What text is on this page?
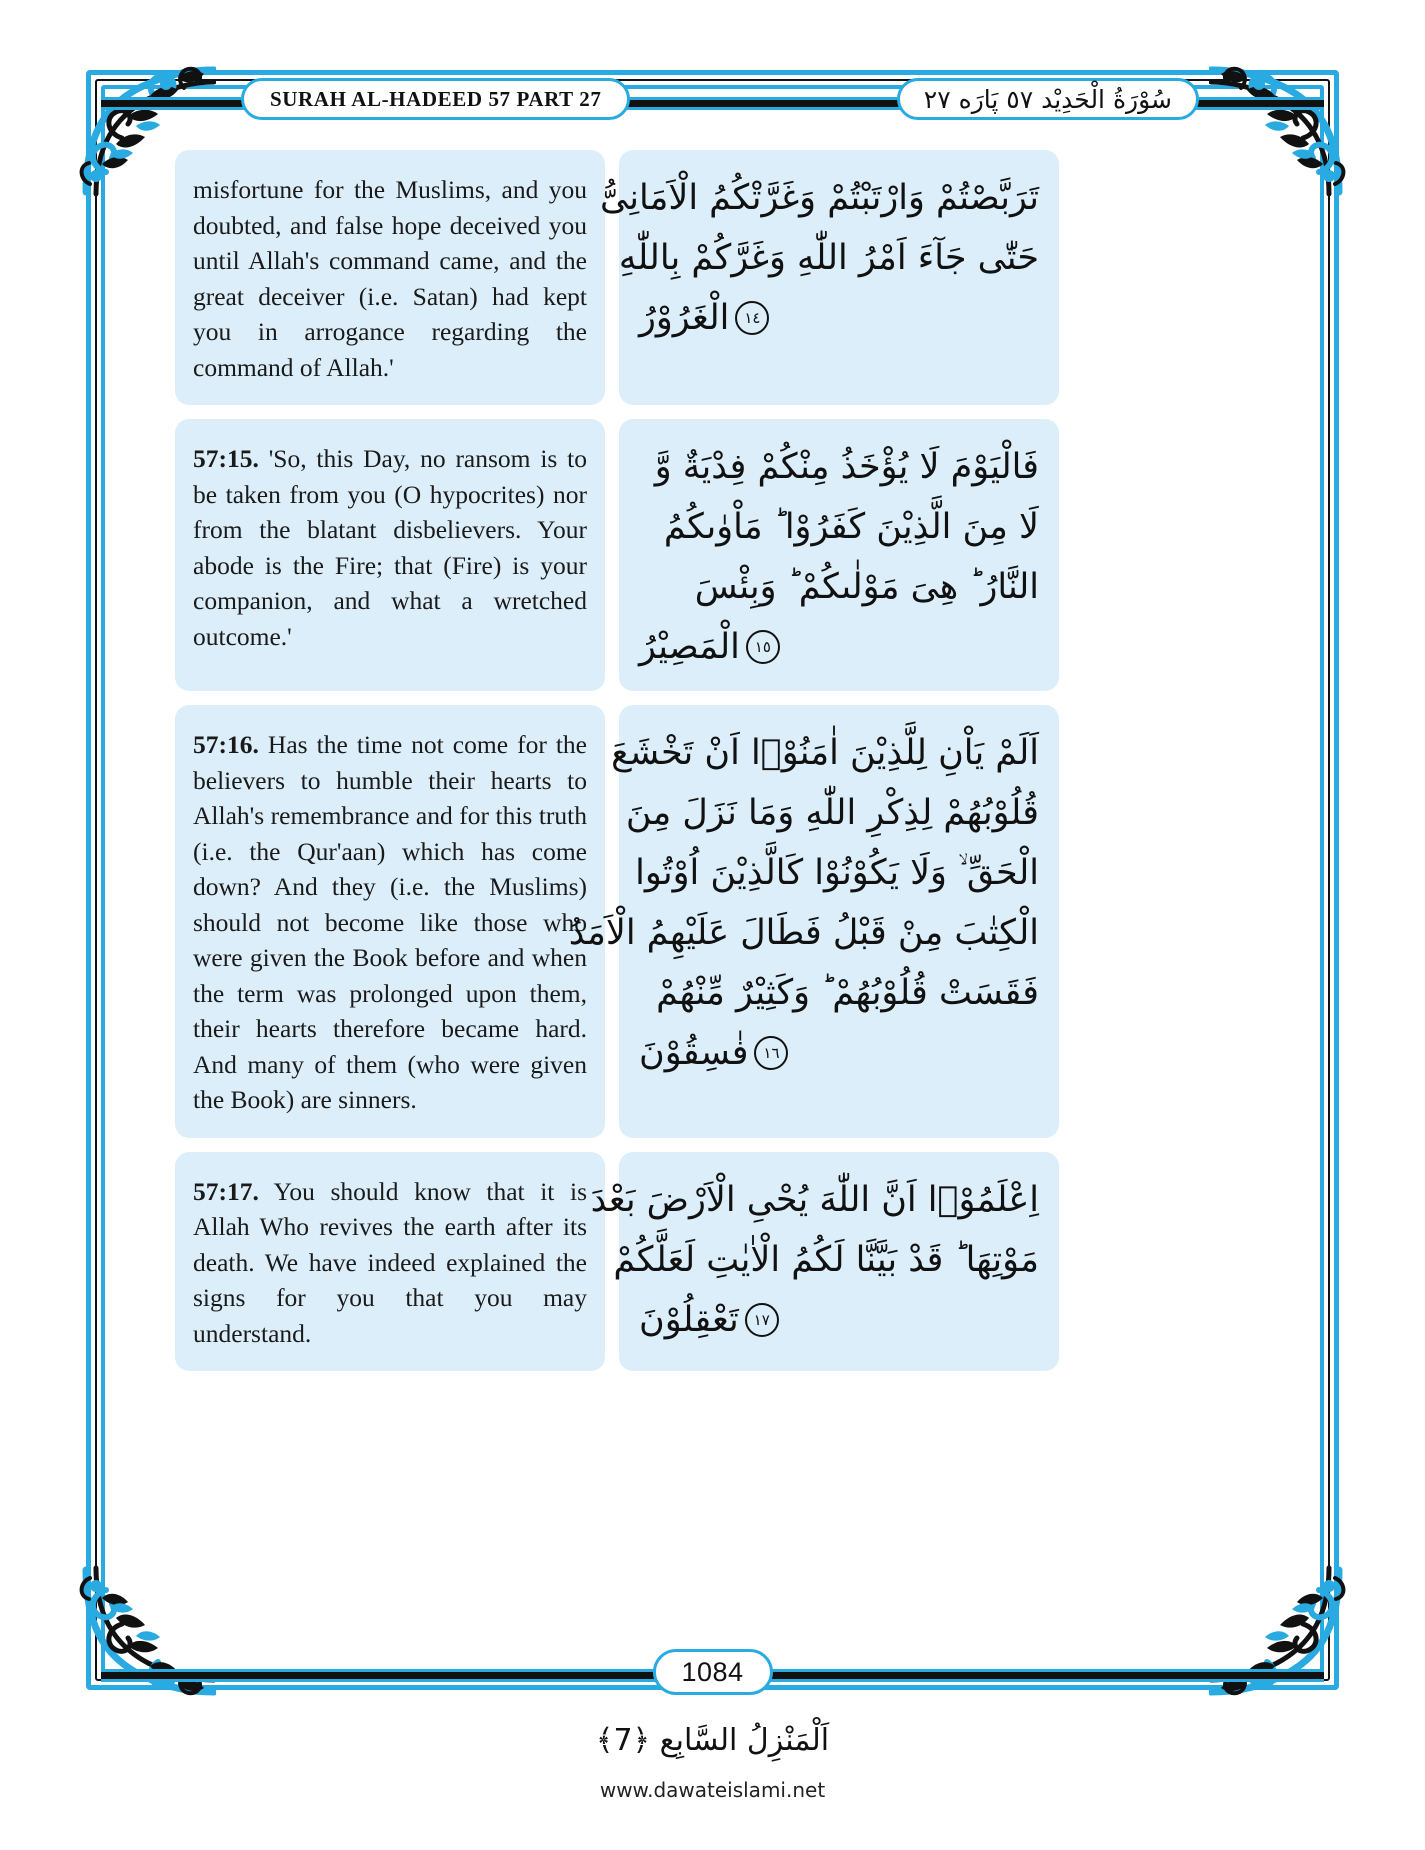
SURAH AL-HADEED 57 PART 27	سُوْرَةُ الْحَدِيْد ٥٧ پَارَه ٢٧

misfortune for the Muslims, and you doubted, and false hope deceived you until Allah's command came, and the great deceiver (i.e. Satan) had kept you in arrogance regarding the command of Allah.'

تَرَبَّصْتُمْ وَارْتَبْتُمْ وَغَرَّتْكُمُ الْاَمَانِیُّ
حَتّٰى جَآءَ اَمْرُ اللّٰهِ وَغَرَّكُمْ بِاللّٰهِ
الْغَرُوْرُ ١٤

57:15. 'So, this Day, no ransom is to be taken from you (O hypocrites) nor from the blatant disbelievers. Your abode is the Fire; that (Fire) is your companion, and what a wretched outcome.'

فَالْيَوْمَ لَا يُؤْخَذُ مِنْكُمْ فِدْيَةٌ وَّ
لَا مِنَ الَّذِيْنَ كَفَرُوْا ؕ مَاْوٰىكُمُ
النَّارُ ؕ هِىَ مَوْلٰىكُمْ ؕ وَبِئْسَ
الْمَصِيْرُ ١٥

57:16. Has the time not come for the believers to humble their hearts to Allah's remembrance and for this truth (i.e. the Qur'aan) which has come down? And they (i.e. the Muslims) should not become like those who were given the Book before and when the term was prolonged upon them, their hearts therefore became hard. And many of them (who were given the Book) are sinners.

اَلَمْ يَاْنِ لِلَّذِيْنَ اٰمَنُوْۤا اَنْ تَخْشَعَ
قُلُوْبُهُمْ لِذِكْرِ اللّٰهِ وَمَا نَزَلَ مِنَ
الْحَقِّ ۙ وَلَا يَكُوْنُوْا كَالَّذِيْنَ اُوْتُوا
الْكِتٰبَ مِنْ قَبْلُ فَطَالَ عَلَيْهِمُ الْاَمَدُ
فَقَسَتْ قُلُوْبُهُمْ ؕ وَكَثِيْرٌ مِّنْهُمْ
فٰسِقُوْنَ ١٦

57:17. You should know that it is Allah Who revives the earth after its death. We have indeed explained the signs for you that you may understand.

اِعْلَمُوْۤا اَنَّ اللّٰهَ يُحْىِ الْاَرْضَ بَعْدَ
مَوْتِهَا ؕ قَدْ بَيَّنَّا لَكُمُ الْاٰيٰتِ لَعَلَّكُمْ
تَعْقِلُوْنَ ١٧
1084
اَلْمَنْزِلُ السَّابِع ﴿7﴾
www.dawateislami.net
